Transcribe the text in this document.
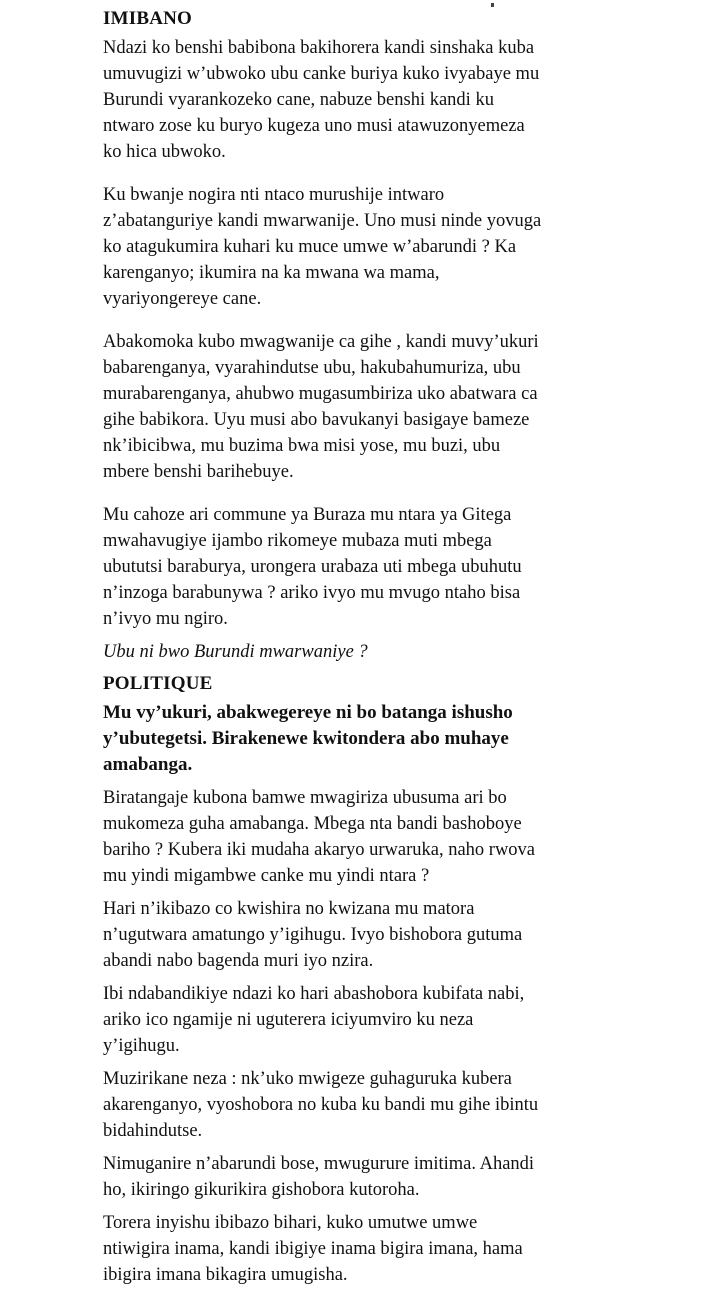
IMIBANO

Ndazi ko benshi babibona bakihorera kandi sinshaka kuba
umuvugizi w’ubwoko ubu canke buriya kuko ivyabaye mu
Burundi vyarankozeko cane, nabuze benshi kandi ku
ntwaro zose ku buryo kugeza uno musi atawuzonyemeza
ko hica ubwoko.

Ku bwanje nogira nti ntaco murushije intwaro
z’abatanguriye kandi mwarwanije. Uno musi ninde yovuga
ko atagukumira kuhari ku muce umwe w’abarundi ? Ka
karenganyo; ikumira na ka mwana wa mama,
vyariyongereye cane.

Abakomoka kubo mwagwanije ca gihe , kandi muvy’ukuri
babarenganya, vyarahindutse ubu, hakubahumuriza, ubu
murabarenganya, ahubwo mugasumbiriza uko abatwara ca
gihe babikora. Uyu musi abo bavukanyi basigaye bameze
nk’ibicibwa, mu buzima bwa misi yose, mu buzi, ubu
mbere benshi barihebuye.

Mu cahoze ari commune ya Buraza mu ntara ya Gitega
mwahavugiye ijambo rikomeye mubaza muti mbega
ubututsi baraburya, urongera urabaza uti mbega ubuhutu
n’inzoga barabunywa ? ariko ivyo mu mvugo ntaho bisa
n’ivyo mu ngiro.

Ubu ni bwo Burundi mwarwaniye ?

POLITIQUE

Mu vy’ukuri, abakwegereye ni bo batanga ishusho
y’ubutegetsi. Birakenewe kwitondera abo muhaye
amabanga.

Biratangaje kubona bamwe mwagiriza ubusuma ari bo
mukomeza guha amabanga. Mbega nta bandi bashoboye
bariho ? Kubera iki mudaha akaryo urwaruka, naho rwova
mu yindi migambwe canke mu yindi ntara ?

Hari n’ikibazo co kwishira no kwizana mu matora
n’ugutwara amatungo y’igihugu. Ivyo bishobora gutuma
abandi nabo bagenda muri iyo nzira.

Ibi ndabandikiye ndazi ko hari abashobora kubifata nabi,
ariko ico ngamije ni uguterera iciyumviro ku neza
y’igihugu.

Muzirikane neza : nk’uko mwigeze guhaguruka kubera
akarenganyo, vyoshobora no kuba ku bandi mu gihe ibintu
bidahindutse.

Nimuganire n’abarundi bose, mwugurure imitima. Ahandi
ho, ikiringo gikurikira gishobora kutoroha.

Torera inyishu ibibazo bihari, kuko umutwe umwe
ntiwigira inama, kandi ibigiye inama bigira imana, hama
ibigira imana bikagira umugisha.
